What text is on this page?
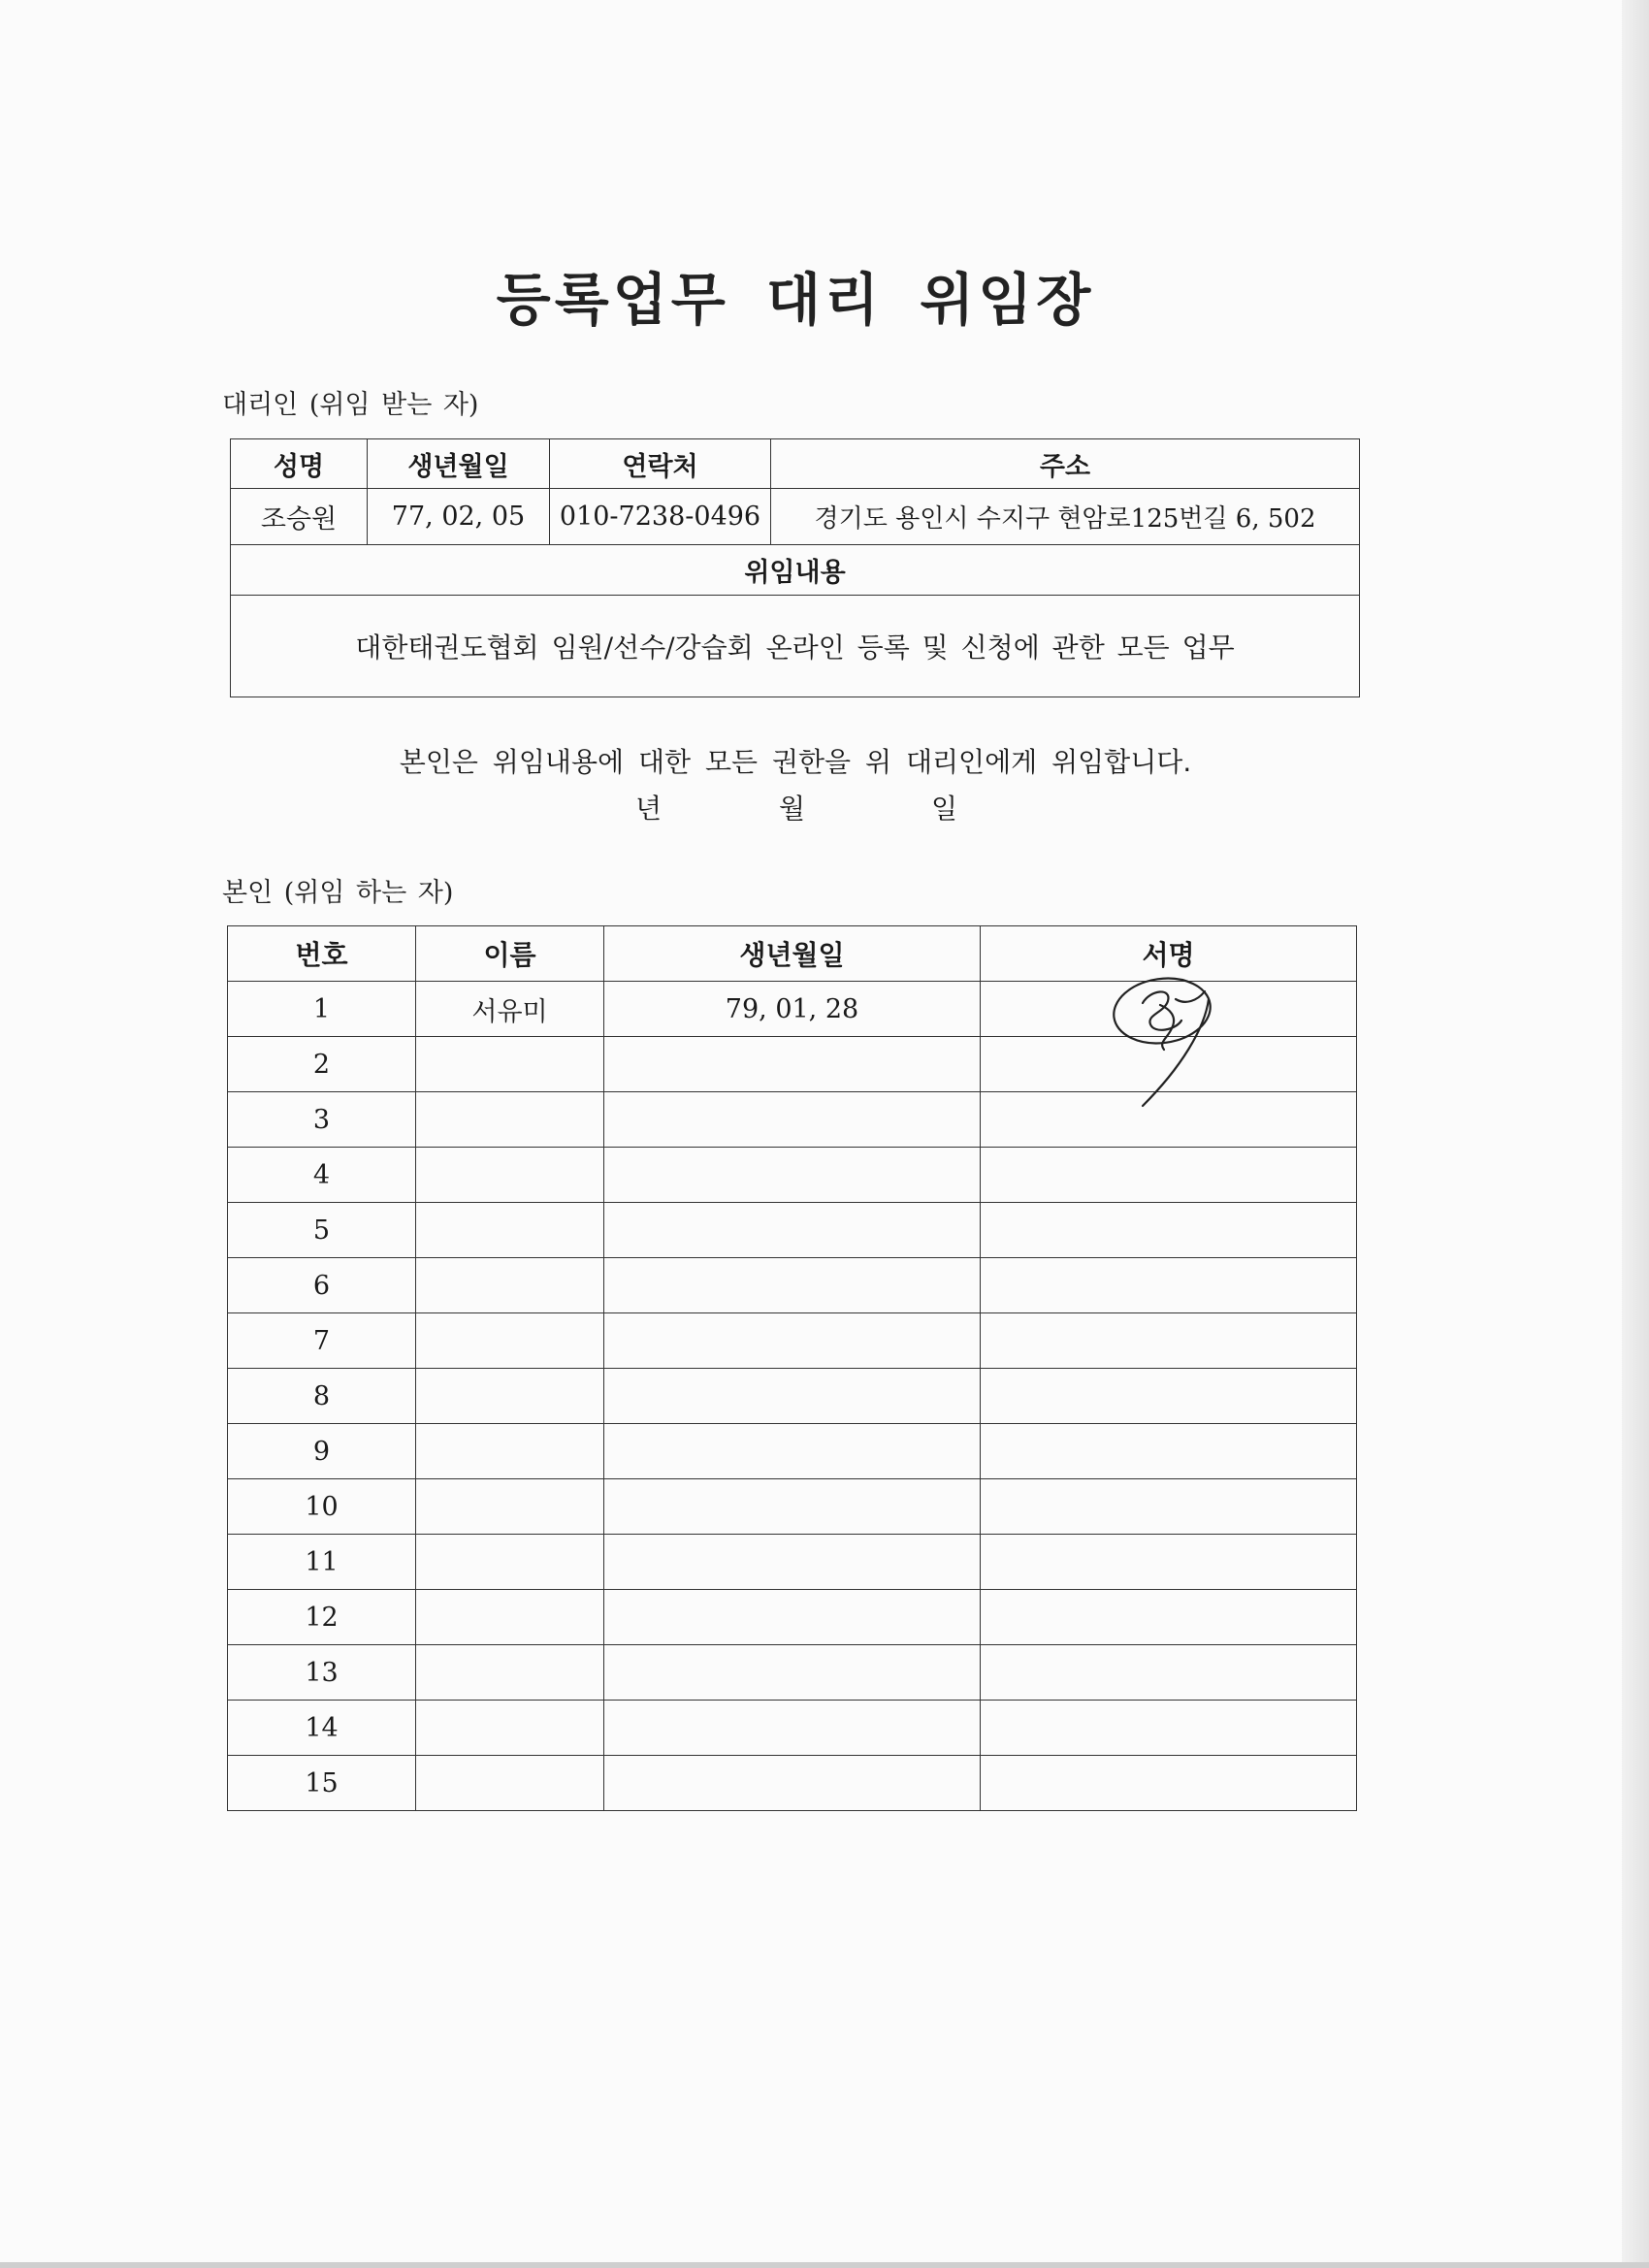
등록업무 대리 위임장
대리인 (위임 받는 자)
성명	생년월일	연락처	주소
조승원	77, 02, 05	010-7238-0496	경기도 용인시 수지구 현암로125번길 6, 502
위임내용			
대한태권도협회 임원/선수/강습회 온라인 등록 및 신청에 관한 모든 업무			
본인은 위임내용에 대한 모든 권한을 위 대리인에게 위임합니다.
년	월	일
본인 (위임 하는 자)
번호	이름	생년월일	서명
1	서유미	79, 01, 28	
2			
3			
4			
5			
6			
7			
8			
9			
10			
11			
12			
13			
14			
15			
